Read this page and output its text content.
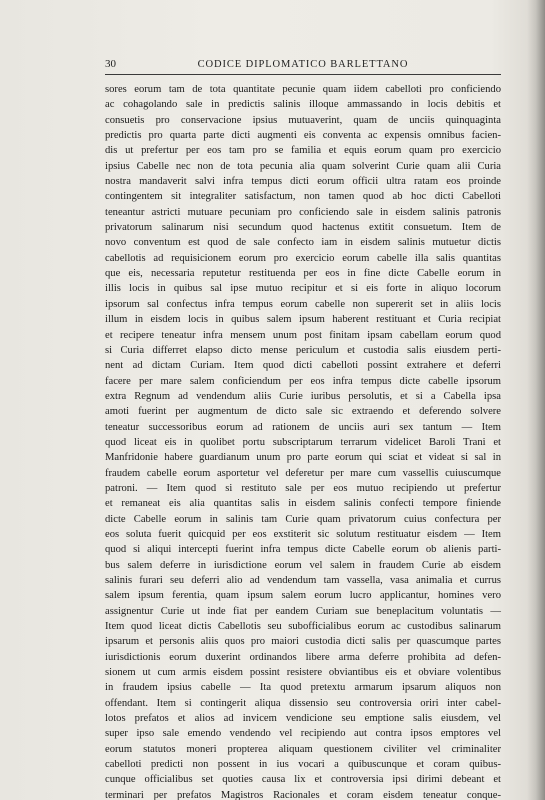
30	CODICE DIPLOMATICO BARLETTANO
sores eorum tam de tota quantitate pecunie quam iidem cabelloti pro conficiendo
ac cohagolando sale in predictis salinis illoque ammassando in locis debitis et
consuetis pro conservacione ipsius mutuaverint, quam de unciis quinquaginta
predictis pro quarta parte dicti augmenti eis conventa ac expensis omnibus facien-
dis ut prefertur per eos tam pro se familia et equis eorum quam pro exercicio
ipsius Cabelle nec non de tota pecunia alia quam solverint Curie quam alii Curia
nostra mandaverit salvi infra tempus dicti eorum officii ultra ratam eos proinde
contingentem sit integraliter satisfactum, non tamen quod ab hoc dicti Cabelloti
teneantur astricti mutuare pecuniam pro conficiendo sale in eisdem salinis patronis
privatorum salinarum nisi secundum quod hactenus extitit consuetum. Item de
novo conventum est quod de sale confecto iam in eisdem salinis mutuetur dictis
cabellotis ad requisicionem eorum pro exercicio eorum cabelle illa salis quantitas
que eis, necessaria reputetur restituenda per eos in fine dicte Cabelle eorum in
illis locis in quibus sal ipse mutuo recipitur et si eis forte in aliquo locorum
ipsorum sal confectus infra tempus eorum cabelle non supererit set in aliis locis
illum in eisdem locis in quibus salem ipsum haberent restituant et Curia recipiat
et recipere teneatur infra mensem unum post finitam ipsam cabellam eorum quod
si Curia differret elapso dicto mense periculum et custodia salis eiusdem perti-
nent ad dictam Curiam. Item quod dicti cabelloti possint extrahere et deferri
facere per mare salem conficiendum per eos infra tempus dicte cabelle ipsorum
extra Regnum ad vendendum aliis Curie iuribus persolutis, et si a Cabella ipsa
amoti fuerint per augmentum de dicto sale sic extraendo et deferendo solvere
teneatur successoribus eorum ad rationem de unciis auri sex tantum — Item
quod liceat eis in quolibet portu subscriptarum terrarum videlicet Baroli Trani et
Manfridonie habere guardianum unum pro parte eorum qui sciat et videat si sal in
fraudem cabelle eorum asportetur vel deferetur per mare cum vassellis cuiuscumque
patroni. — Item quod si restituto sale per eos mutuo recipiendo ut prefertur
et remaneat eis alia quantitas salis in eisdem salinis confecti tempore finiende
dicte Cabelle eorum in salinis tam Curie quam privatorum cuius confectura per
eos soluta fuerit quicquid per eos exstiterit sic solutum restituatur eisdem — Item
quod si aliqui intercepti fuerint infra tempus dicte Cabelle eorum ob alienis parti-
bus salem deferre in iurisdictione eorum vel salem in fraudem Curie ab eisdem
salinis furari seu deferri alio ad vendendum tam vassella, vasa animalia et currus
salem ipsum ferentia, quam ipsum salem eorum lucro applicantur, homines vero
assignentur Curie ut inde fiat per eandem Curiam sue beneplacitum voluntatis —
Item quod liceat dictis Cabellotis seu subofficialibus eorum ac custodibus salinarum
ipsarum et personis aliis quos pro maiori custodia dicti salis per quascumque partes
iurisdictionis eorum duxerint ordinandos libere arma deferre prohibita ad defen-
sionem ut cum armis eisdem possint resistere obviantibus eis et obviare volentibus
in fraudem ipsius cabelle — Ita quod pretextu armarum ipsarum aliquos non
offendant. Item si contingerit aliqua dissensio seu controversia oriri inter cabel-
lotos prefatos et alios ad invicem vendicione seu emptione salis eiusdem, vel
super ipso sale emendo vendendo vel recipiendo aut contra ipsos emptores vel
eorum statutos moneri propterea aliquam questionem civiliter vel criminaliter
cabelloti predicti non possent in ius vocari a quibuscunque et coram quibus-
cunque officialibus set quoties causa lix et controversia ipsi dirimi debeant et
terminari per prefatos Magistros Racionales et coram eisdem teneatur conque-
